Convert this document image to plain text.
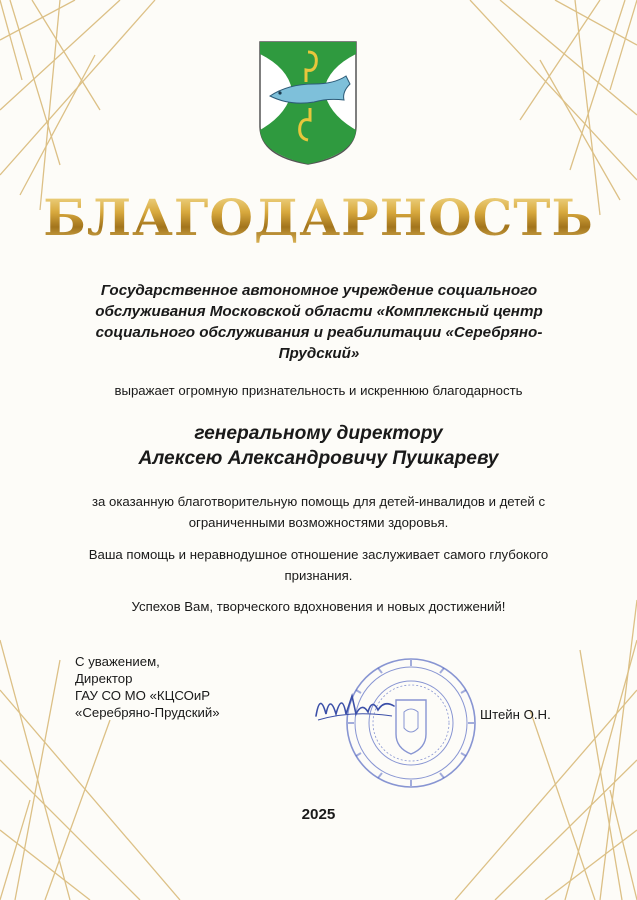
БЛАГОДАРНОСТЬ
Государственное автономное учреждение социального
обслуживания Московской области «Комплексный центр
социального обслуживания и реабилитации «Серебряно-
Прудский»
выражает огромную признательность и искреннюю благодарность
генеральному директору
Алексею Александровичу Пушкареву
за оказанную благотворительную помощь для детей-инвалидов и детей с
ограниченными возможностями здоровья.
Ваша помощь и неравнодушное отношение заслуживает самого глубокого
признания.
Успехов Вам, творческого вдохновения и новых достижений!
С уважением,
Директор
ГАУ СО МО «КЦСОиР
«Серебряно-Прудский»	Штейн О.Н.
2025
